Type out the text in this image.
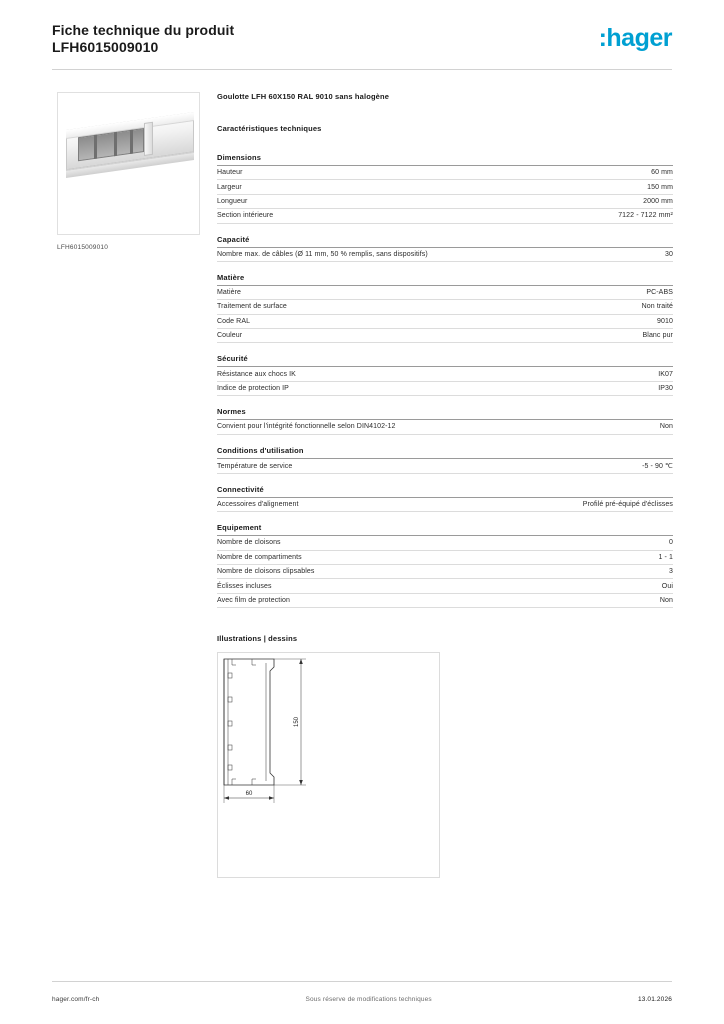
Fiche technique du produit
LFH6015009010	:hager
LFH6015009010
Goulotte LFH 60X150 RAL 9010 sans halogène
Caractéristiques techniques
Dimensions
Hauteur	60 mm
Largeur	150 mm
Longueur	2000 mm
Section intérieure	7122 - 7122 mm²
Capacité
Nombre max. de câbles (Ø 11 mm, 50 % remplis, sans dispositifs)	30
Matière
Matière	PC-ABS
Traitement de surface	Non traité
Code RAL	9010
Couleur	Blanc pur
Sécurité
Résistance aux chocs IK	IK07
Indice de protection IP	IP30
Normes
Convient pour l'intégrité fonctionnelle selon DIN4102-12	Non
Conditions d'utilisation
Température de service	-5 - 90 ℃
Connectivité
Accessoires d'alignement	Profilé pré-équipé d'éclisses
Equipement
Nombre de cloisons	0
Nombre de compartiments	1 - 1
Nombre de cloisons clipsables	3
Éclisses incluses	Oui
Avec film de protection	Non
Illustrations | dessins
60
150
hager.com/fr-ch	Sous réserve de modifications techniques	13.01.2026
